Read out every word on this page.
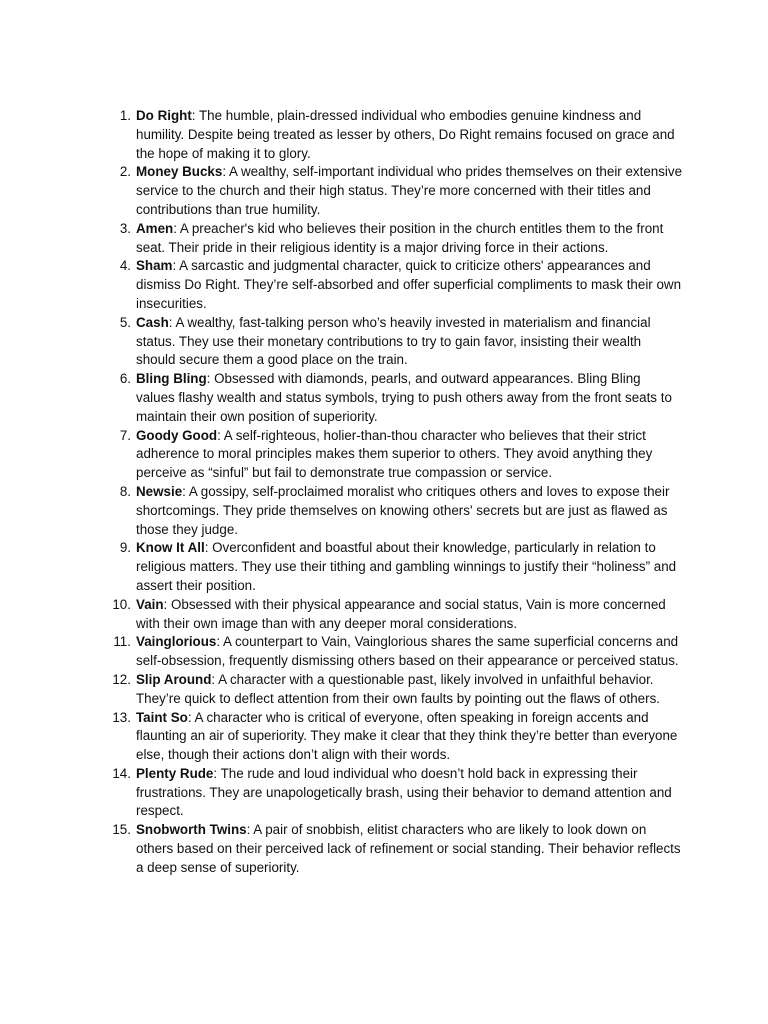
1 . Do Right: The humble, plain-dressed individual who embodies genuine kindness and humility. Despite being treated as lesser by others, Do Right remains focused on grace and the hope of making it to glory.
2 . Money Bucks: A wealthy, self-important individual who prides themselves on their extensive service to the church and their high status. They’re more concerned with their titles and contributions than true humility.
3 . Amen: A preacher's kid who believes their position in the church entitles them to the front seat. Their pride in their religious identity is a major driving force in their actions.
4 . Sham: A sarcastic and judgmental character, quick to criticize others' appearances and dismiss Do Right. They’re self-absorbed and offer superficial compliments to mask their own insecurities.
5 . Cash: A wealthy, fast-talking person who’s heavily invested in materialism and financial status. They use their monetary contributions to try to gain favor, insisting their wealth should secure them a good place on the train.
6 . Bling Bling: Obsessed with diamonds, pearls, and outward appearances. Bling Bling values flashy wealth and status symbols, trying to push others away from the front seats to maintain their own position of superiority.
7 . Goody Good: A self-righteous, holier-than-thou character who believes that their strict adherence to moral principles makes them superior to others. They avoid anything they perceive as “sinful” but fail to demonstrate true compassion or service.
8 . Newsie: A gossipy, self-proclaimed moralist who critiques others and loves to expose their shortcomings. They pride themselves on knowing others' secrets but are just as flawed as those they judge.
9 . Know It All: Overconfident and boastful about their knowledge, particularly in relation to religious matters. They use their tithing and gambling winnings to justify their “holiness” and assert their position.
10 . Vain: Obsessed with their physical appearance and social status, Vain is more concerned with their own image than with any deeper moral considerations.
11 . Vainglorious: A counterpart to Vain, Vainglorious shares the same superficial concerns and self-obsession, frequently dismissing others based on their appearance or perceived status.
12 . Slip Around: A character with a questionable past, likely involved in unfaithful behavior. They’re quick to deflect attention from their own faults by pointing out the flaws of others.
13 . Taint So: A character who is critical of everyone, often speaking in foreign accents and flaunting an air of superiority. They make it clear that they think they’re better than everyone else, though their actions don’t align with their words.
14 . Plenty Rude: The rude and loud individual who doesn’t hold back in expressing their frustrations. They are unapologetically brash, using their behavior to demand attention and respect.
15 . Snobworth Twins: A pair of snobbish, elitist characters who are likely to look down on others based on their perceived lack of refinement or social standing. Their behavior reflects a deep sense of superiority.
